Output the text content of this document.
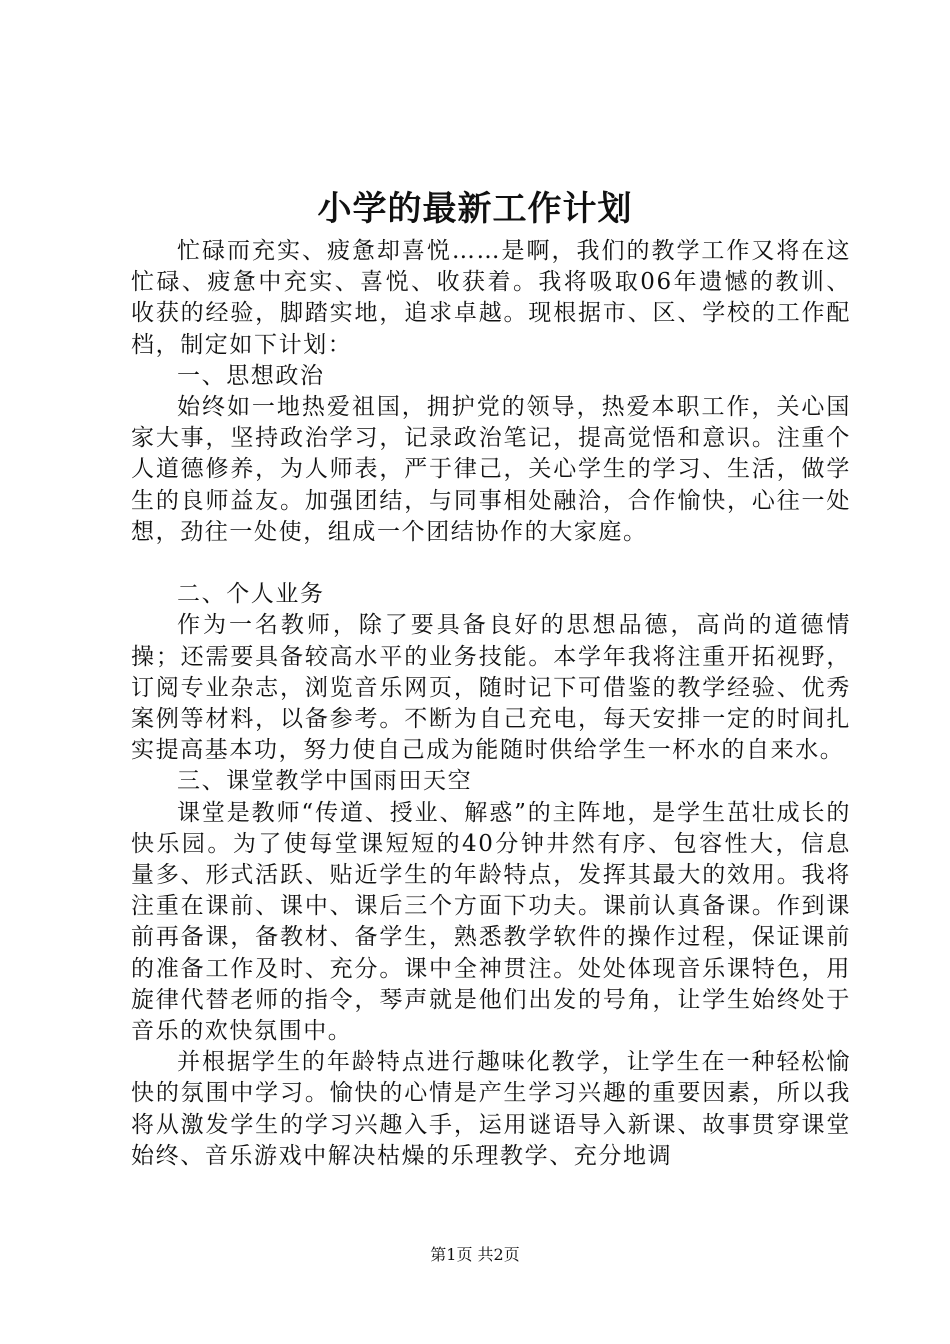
小学的最新工作计划

忙碌而充实、疲惫却喜悦……是啊，我们的教学工作又将在这忙碌、疲惫中充实、喜悦、收获着。我将吸取06年遗憾的教训、收获的经验，脚踏实地，追求卓越。现根据市、区、学校的工作配档，制定如下计划：

一、思想政治

始终如一地热爱祖国，拥护党的领导，热爱本职工作，关心国家大事，坚持政治学习，记录政治笔记，提高觉悟和意识。注重个人道德修养，为人师表，严于律己，关心学生的学习、生活，做学生的良师益友。加强团结，与同事相处融洽，合作愉快，心往一处想，劲往一处使，组成一个团结协作的大家庭。

二、个人业务

作为一名教师，除了要具备良好的思想品德，高尚的道德情操；还需要具备较高水平的业务技能。本学年我将注重开拓视野，订阅专业杂志，浏览音乐网页，随时记下可借鉴的教学经验、优秀案例等材料，以备参考。不断为自己充电，每天安排一定的时间扎实提高基本功，努力使自己成为能随时供给学生一杯水的自来水。

三、课堂教学中国雨田天空

课堂是教师“传道、授业、解惑”的主阵地，是学生茁壮成长的快乐园。为了使每堂课短短的40分钟井然有序、包容性大，信息量多、形式活跃、贴近学生的年龄特点，发挥其最大的效用。我将注重在课前、课中、课后三个方面下功夫。课前认真备课。作到课前再备课，备教材、备学生，熟悉教学软件的操作过程，保证课前的准备工作及时、充分。课中全神贯注。处处体现音乐课特色，用旋律代替老师的指令，琴声就是他们出发的号角，让学生始终处于音乐的欢快氛围中。

并根据学生的年龄特点进行趣味化教学，让学生在一种轻松愉快的氛围中学习。愉快的心情是产生学习兴趣的重要因素，所以我将从激发学生的学习兴趣入手，运用谜语导入新课、故事贯穿课堂始终、音乐游戏中解决枯燥的乐理教学、充分地调

第1页 共2页
